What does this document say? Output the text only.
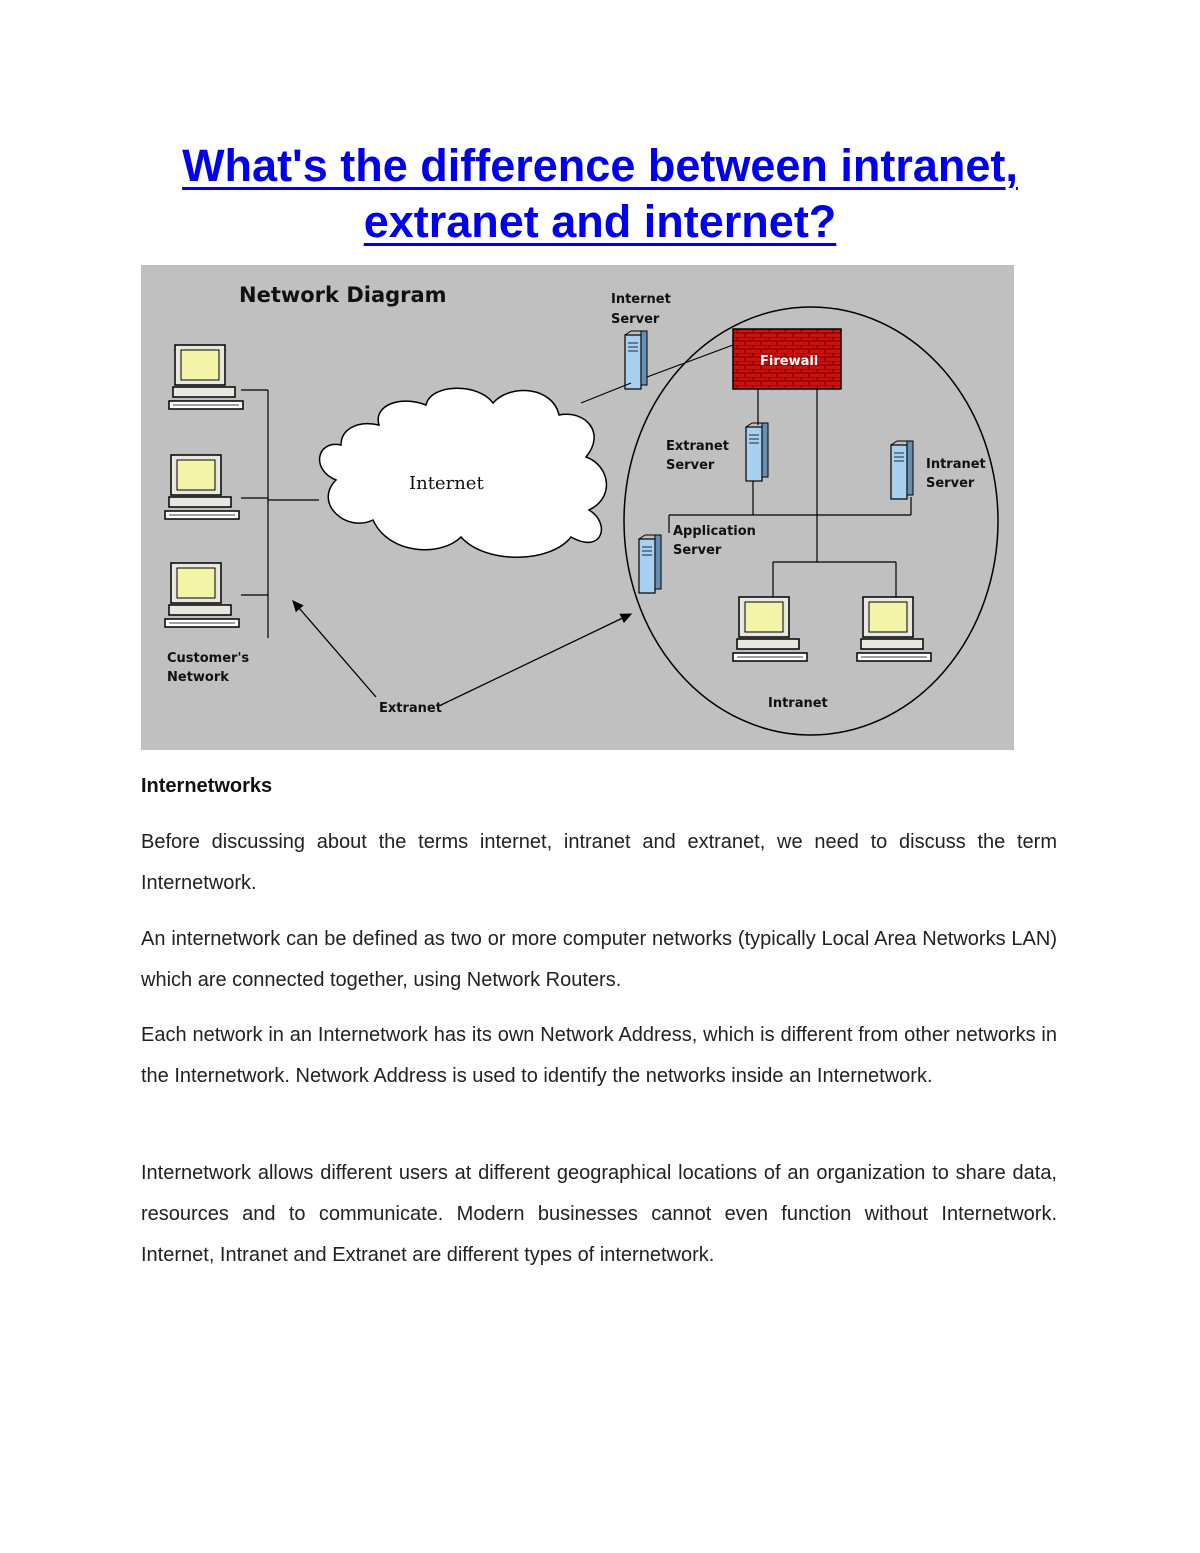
What's the difference between intranet,
extranet and internet?
Network Diagram
Customer's Network
Internet
Internet Server
Firewall
Extranet Server	Intranet Server
Application Server
Intranet
Extranet
Internetworks

Before discussing about the terms internet, intranet and extranet, we need to discuss the term Internetwork.

An internetwork can be defined as two or more computer networks (typically Local Area Networks LAN) which are connected together, using Network Routers.

Each network in an Internetwork has its own Network Address, which is different from other networks in the Internetwork. Network Address is used to identify the networks inside an Internetwork.

Internetwork allows different users at different geographical locations of an organization to share data, resources and to communicate. Modern businesses cannot even function without Internetwork. Internet, Intranet and Extranet are different types of internetwork.
